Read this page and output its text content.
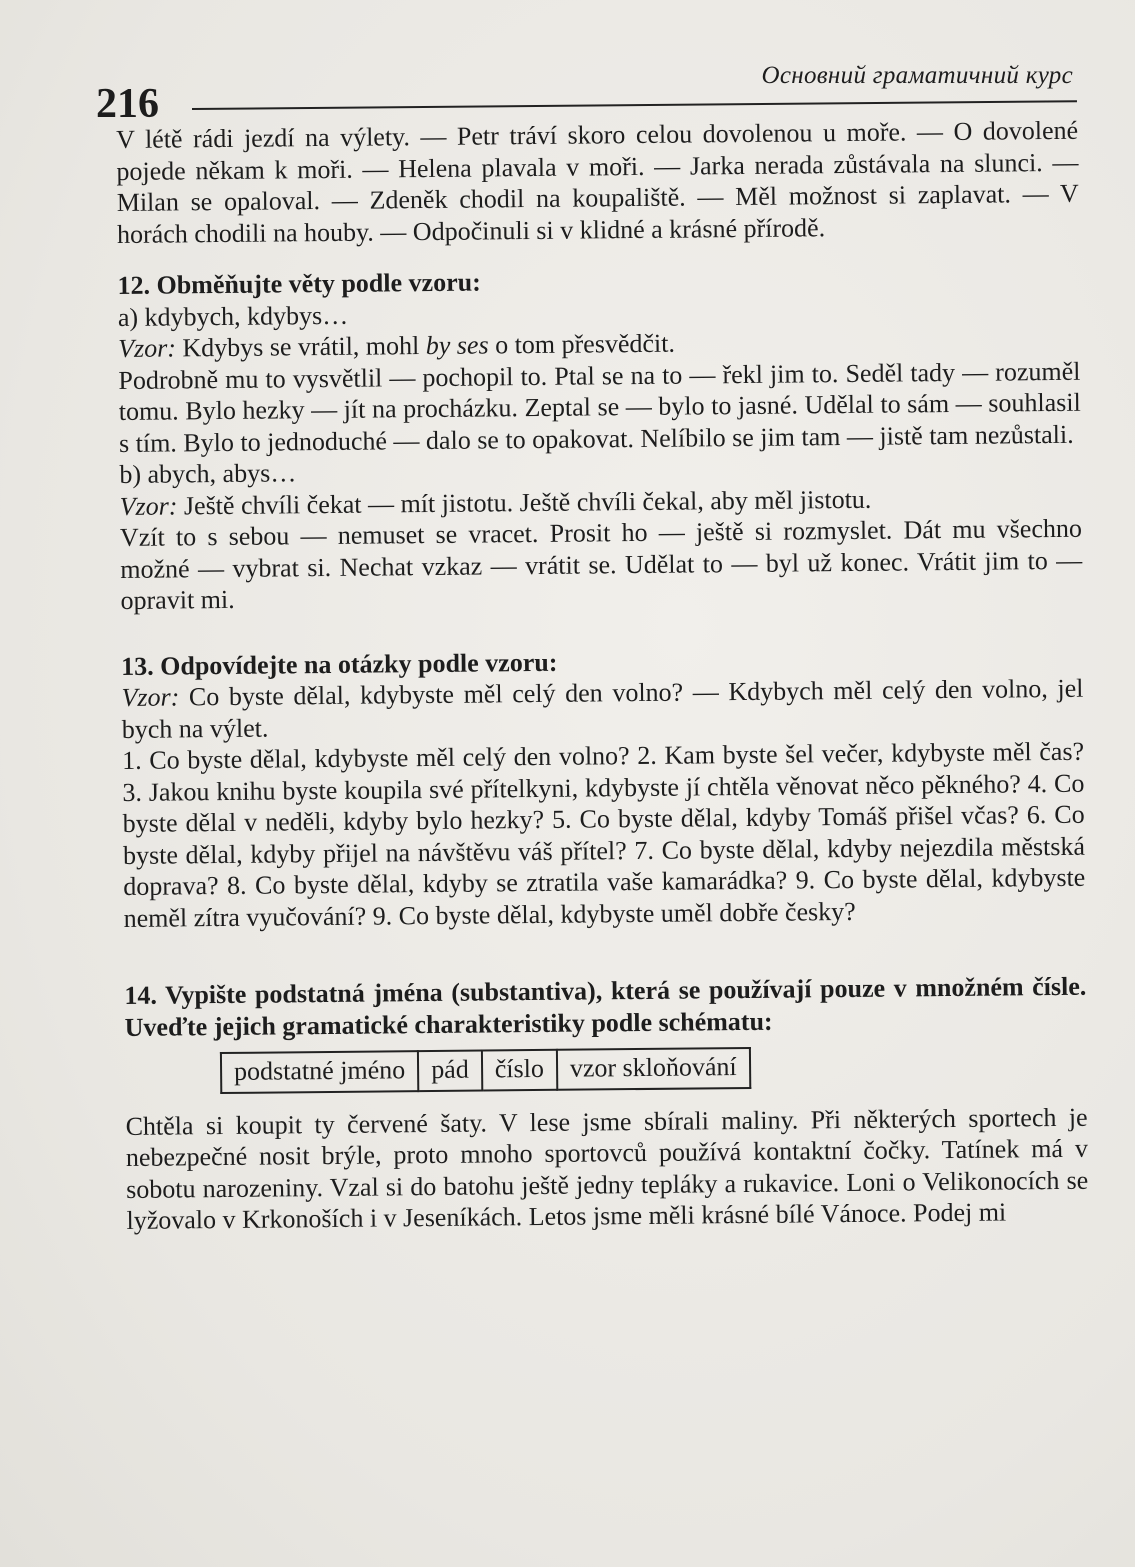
Основний граматичний курс
216

V létě rádi jezdí na výlety. — Petr tráví skoro celou dovolenou u moře. — O dovolené pojede někam k moři. — Helena plavala v moři. — Jarka nerada zůstávala na slunci. — Milan se opaloval. — Zdeněk chodil na koupaliště. — Měl možnost si zaplavat. — V horách chodili na houby. — Odpočinuli si v klidné a krásné přírodě.

12. Obměňujte věty podle vzoru:

a) kdybych, kdybys…

Vzor: Kdybys se vrátil, mohl by ses o tom přesvědčit.

Podrobně mu to vysvětlil — pochopil to. Ptal se na to — řekl jim to. Seděl tady — rozuměl tomu. Bylo hezky — jít na procházku. Zeptal se — bylo to jasné. Udělal to sám — souhlasil s tím. Bylo to jednoduché — dalo se to opakovat. Nelíbilo se jim tam — jistě tam nezůstali.

b) abych, abys…

Vzor: Ještě chvíli čekat — mít jistotu. Ještě chvíli čekal, aby měl jistotu.

Vzít to s sebou — nemuset se vracet. Prosit ho — ještě si rozmyslet. Dát mu všechno možné — vybrat si. Nechat vzkaz — vrátit se. Udělat to — byl už konec. Vrátit jim to — opravit mi.

13. Odpovídejte na otázky podle vzoru:

Vzor: Co byste dělal, kdybyste měl celý den volno? — Kdybych měl celý den volno, jel bych na výlet.

1. Co byste dělal, kdybyste měl celý den volno? 2. Kam byste šel večer, kdybyste měl čas? 3. Jakou knihu byste koupila své přítelkyni, kdybyste jí chtěla věnovat něco pěkného? 4. Co byste dělal v neděli, kdyby bylo hezky? 5. Co byste dělal, kdyby Tomáš přišel včas? 6. Co byste dělal, kdyby přijel na návštěvu váš přítel? 7. Co byste dělal, kdyby nejezdila městská doprava? 8. Co byste dělal, kdyby se ztratila vaše kamarádka? 9. Co byste dělal, kdybyste neměl zítra vyučování? 9. Co byste dělal, kdybyste uměl dobře česky?

14. Vypište podstatná jména (substantiva), která se používají pouze v množném čísle. Uveďte jejich gramatické charakteristiky podle schématu:

podstatné jméno	pád	číslo	vzor skloňování

Chtěla si koupit ty červené šaty. V lese jsme sbírali maliny. Při některých sportech je nebezpečné nosit brýle, proto mnoho sportovců používá kontaktní čočky. Tatínek má v sobotu narozeniny. Vzal si do batohu ještě jedny tepláky a rukavice. Loni o Velikonocích se lyžovalo v Krkonoších i v Jeseníkách. Letos jsme měli krásné bílé Vánoce. Podej mi
